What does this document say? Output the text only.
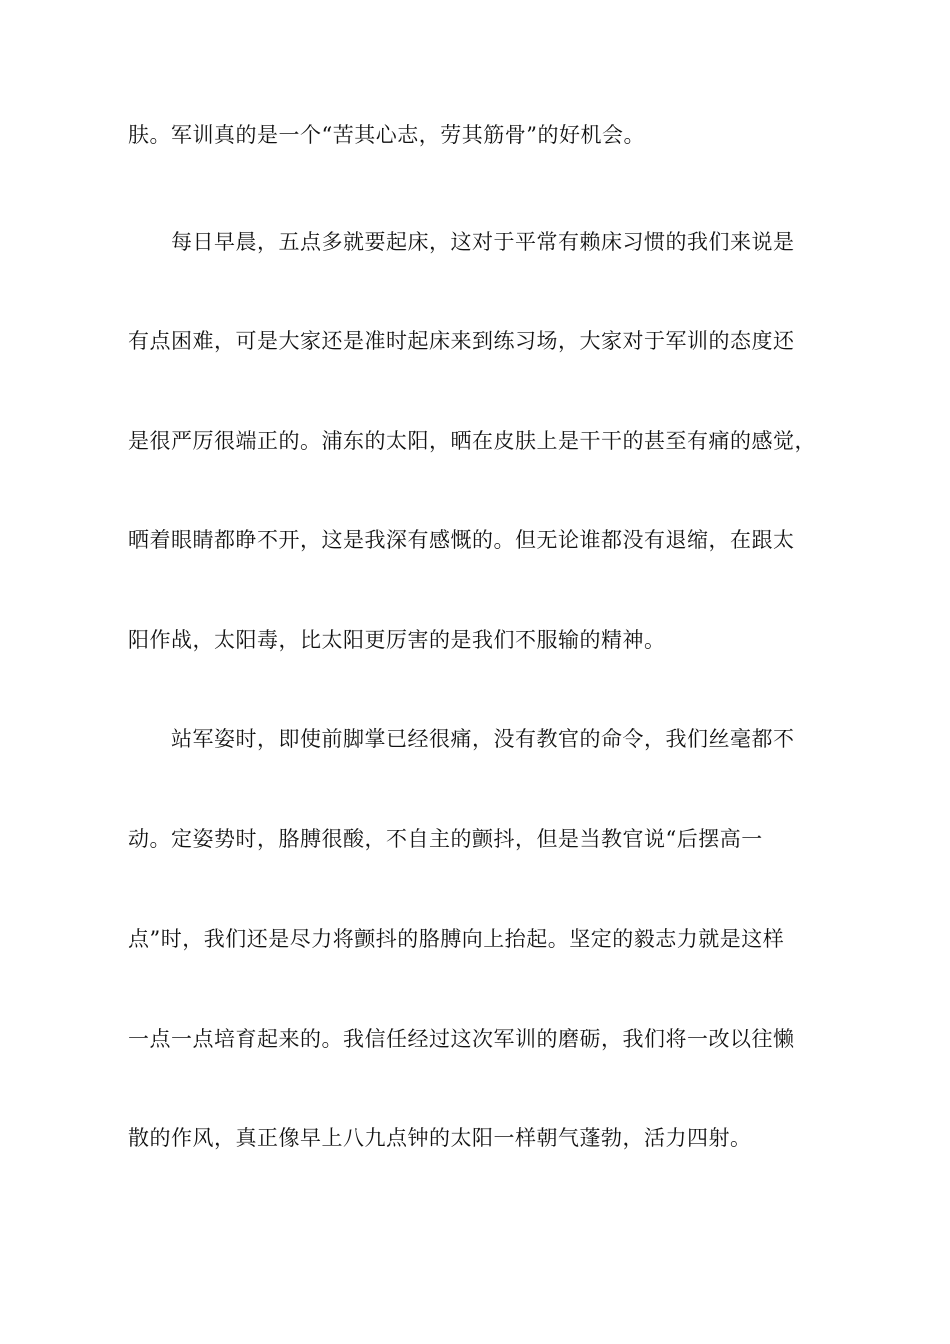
肤。军训真的是一个“苦其心志，劳其筋骨”的好机会。
每日早晨，五点多就要起床，这对于平常有赖床习惯的我们来说是
有点困难，可是大家还是准时起床来到练习场，大家对于军训的态度还
是很严厉很端正的。浦东的太阳，晒在皮肤上是干干的甚至有痛的感觉，
晒着眼睛都睁不开，这是我深有感慨的。但无论谁都没有退缩，在跟太
阳作战，太阳毒，比太阳更厉害的是我们不服输的精神。
站军姿时，即使前脚掌已经很痛，没有教官的命令，我们丝毫都不
动。定姿势时，胳膊很酸，不自主的颤抖，但是当教官说“后摆高一
点”时，我们还是尽力将颤抖的胳膊向上抬起。坚定的毅志力就是这样
一点一点培育起来的。我信任经过这次军训的磨砺，我们将一改以往懒
散的作风，真正像早上八九点钟的太阳一样朝气蓬勃，活力四射。
